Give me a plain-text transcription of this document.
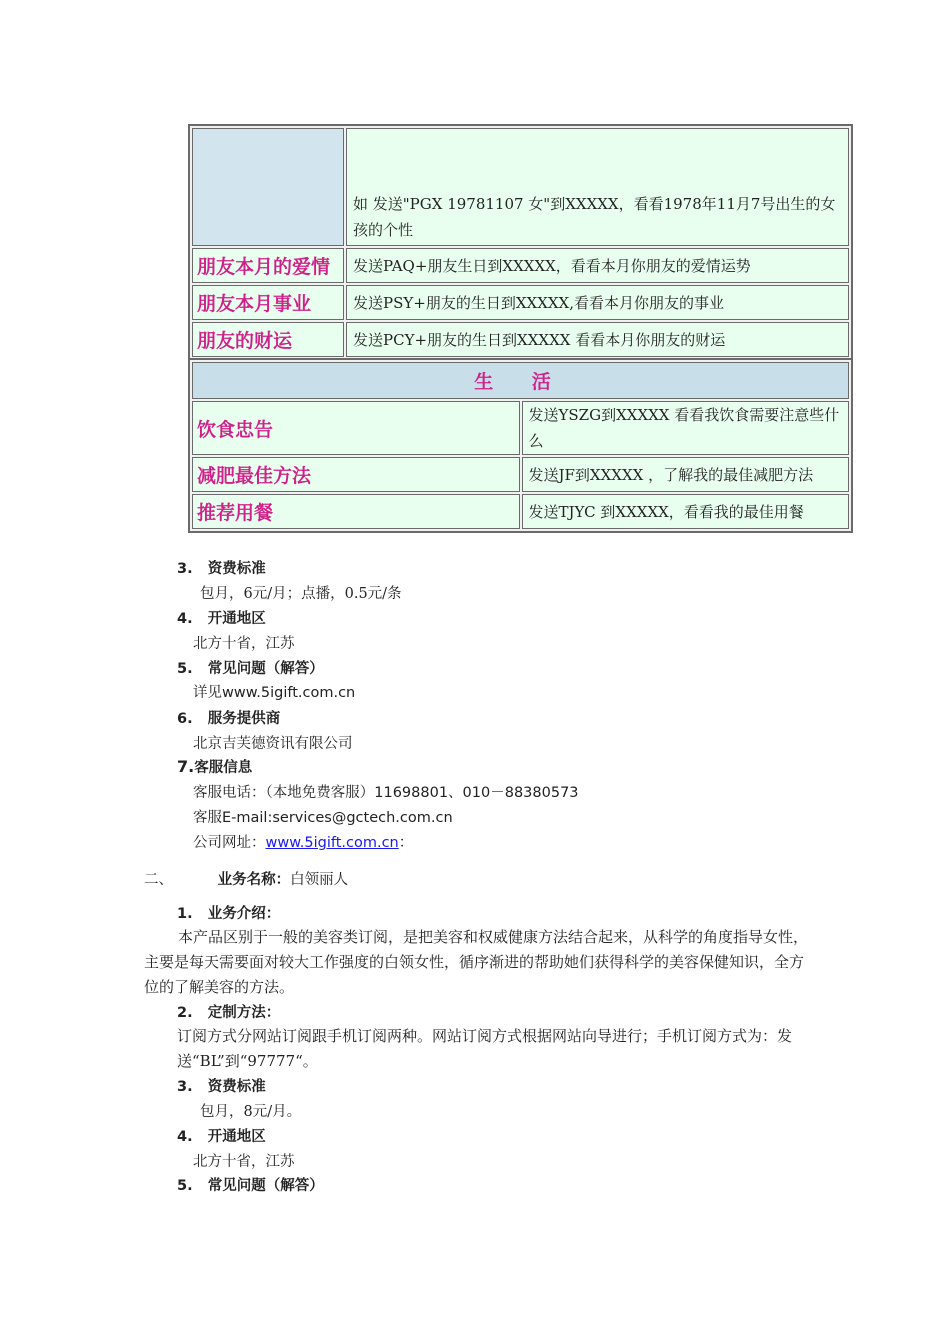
	如 发送"PGX 19781107 女"到XXXXX，看看1978年11月7号出生的女孩的个性

朋友本月的爱情	发送PAQ+朋友生日到XXXXX，看看本月你朋友的爱情运势
朋友本月事业	发送PSY+朋友的生日到XXXXX,看看本月你朋友的事业
朋友的财运	发送PCY+朋友的生日到XXXXX 看看本月你朋友的财运
生 活	
饮食忠告	发送YSZG到XXXXX 看看我饮食需要注意些什么
减肥最佳方法	发送JF到XXXXX ，了解我的最佳减肥方法
推荐用餐	发送TJYC 到XXXXX，看看我的最佳用餐
3. 资费标准
包月，6元/月；点播，0.5元/条
4. 开通地区
北方十省，江苏
5. 常见问题（解答）
详见www.5igift.com.cn
6. 服务提供商
北京吉芙德资讯有限公司
7.客服信息
客服电话：（本地免费客服）11698801、010－88380573
客服E-mail:services@gctech.com.cn
公司网址：www.5igift.com.cn：
二、	业务名称：白领丽人
1. 业务介绍：
本产品区别于一般的美容类订阅，是把美容和权威健康方法结合起来，从科学的角度指导女性，主要是每天需要面对较大工作强度的白领女性，循序渐进的帮助她们获得科学的美容保健知识，全方位的了解美容的方法。
2. 定制方法：
订阅方式分网站订阅跟手机订阅两种。网站订阅方式根据网站向导进行；手机订阅方式为：发送“BL”到“97777“。
3. 资费标准
包月，8元/月。
4. 开通地区
北方十省，江苏
5. 常见问题（解答）
